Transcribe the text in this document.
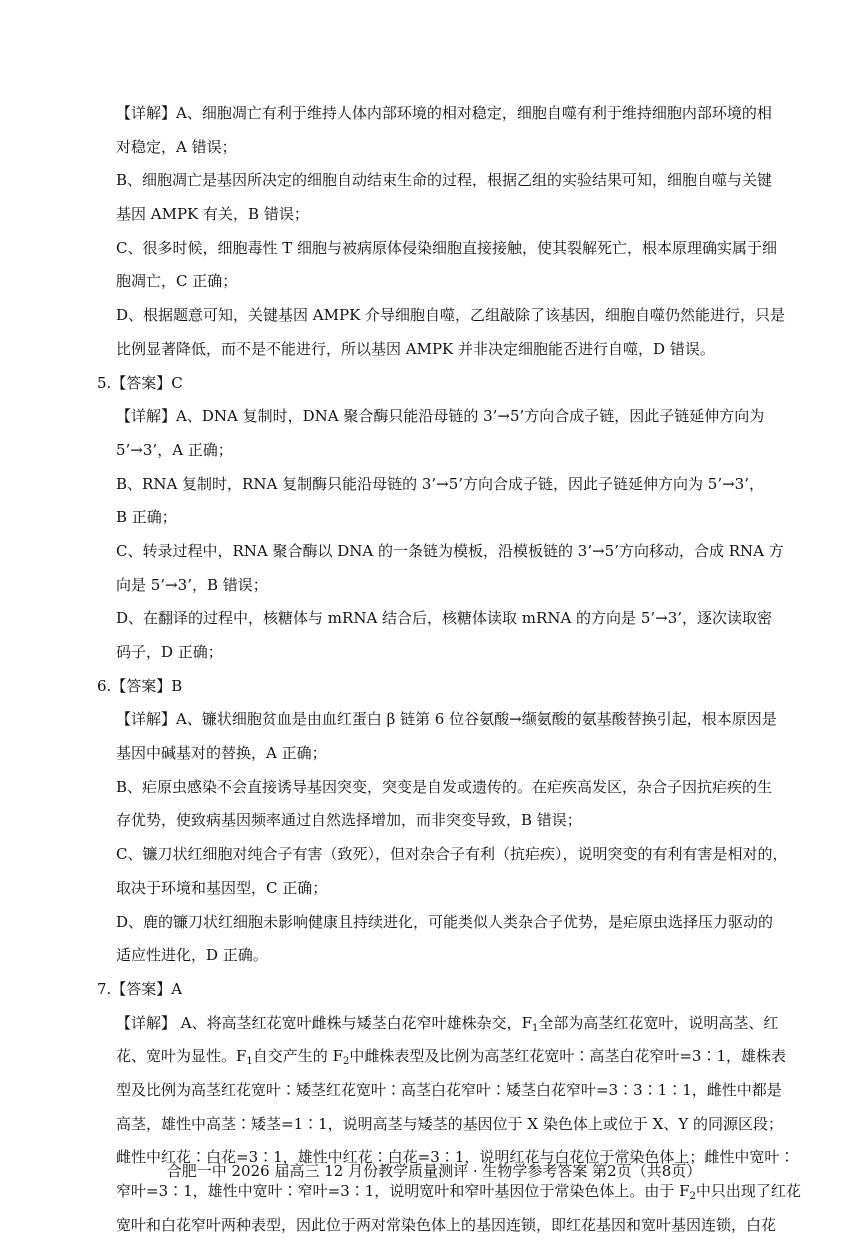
【详解】A、细胞凋亡有利于维持人体内部环境的相对稳定，细胞自噬有利于维持细胞内部环境的相
对稳定，A 错误；
B、细胞凋亡是基因所决定的细胞自动结束生命的过程，根据乙组的实验结果可知，细胞自噬与关键
基因 AMPK 有关，B 错误；
C、很多时候，细胞毒性 T 细胞与被病原体侵染细胞直接接触，使其裂解死亡，根本原理确实属于细
胞凋亡，C 正确；
D、根据题意可知，关键基因 AMPK 介导细胞自噬，乙组敲除了该基因，细胞自噬仍然能进行，只是
比例显著降低，而不是不能进行，所以基因 AMPK 并非决定细胞能否进行自噬，D 错误。
5.【答案】C
【详解】A、DNA 复制时，DNA 聚合酶只能沿母链的 3’→5’方向合成子链，因此子链延伸方向为
5’→3’，A 正确；
B、RNA 复制时，RNA 复制酶只能沿母链的 3’→5’方向合成子链，因此子链延伸方向为 5’→3’，
B 正确；
C、转录过程中，RNA 聚合酶以 DNA 的一条链为模板，沿模板链的 3’→5’方向移动，合成 RNA 方
向是 5’→3’，B 错误；
D、在翻译的过程中，核糖体与 mRNA 结合后，核糖体读取 mRNA 的方向是 5’→3’，逐次读取密
码子，D 正确；
6.【答案】B
【详解】A、镰状细胞贫血是由血红蛋白 β 链第 6 位谷氨酸→缬氨酸的氨基酸替换引起，根本原因是
基因中碱基对的替换，A 正确；
B、疟原虫感染不会直接诱导基因突变，突变是自发或遗传的。在疟疾高发区，杂合子因抗疟疾的生
存优势，使致病基因频率通过自然选择增加，而非突变导致，B 错误；
C、镰刀状红细胞对纯合子有害（致死），但对杂合子有利（抗疟疾），说明突变的有利有害是相对的，
取决于环境和基因型，C 正确；
D、鹿的镰刀状红细胞未影响健康且持续进化，可能类似人类杂合子优势，是疟原虫选择压力驱动的
适应性进化，D 正确。
7.【答案】A
【详解】 A、将高茎红花宽叶雌株与矮茎白花窄叶雄株杂交，$F_1$全部为高茎红花宽叶，说明高茎、红
花、宽叶为显性。$F_1$自交产生的 $F_2$中雌株表型及比例为高茎红花宽叶∶高茎白花窄叶=3∶1，雄株表
型及比例为高茎红花宽叶∶矮茎红花宽叶∶高茎白花窄叶∶矮茎白花窄叶=3∶3∶1∶1，雌性中都是
高茎，雄性中高茎∶矮茎=1∶1，说明高茎与矮茎的基因位于 X 染色体上或位于 X、Y 的同源区段；
雌性中红花∶白花=3∶1，雄性中红花∶白花=3∶1，说明红花与白花位于常染色体上；雌性中宽叶∶
窄叶=3∶1，雄性中宽叶∶窄叶=3∶1，说明宽叶和窄叶基因位于常染色体上。由于 $F_2$中只出现了红花
宽叶和白花窄叶两种表型，因此位于两对常染色体上的基因连锁，即红花基因和宽叶基因连锁，白花
合肥一中 2026 届高三 12 月份教学质量测评 · 生物学参考答案 第2页（共8页）
